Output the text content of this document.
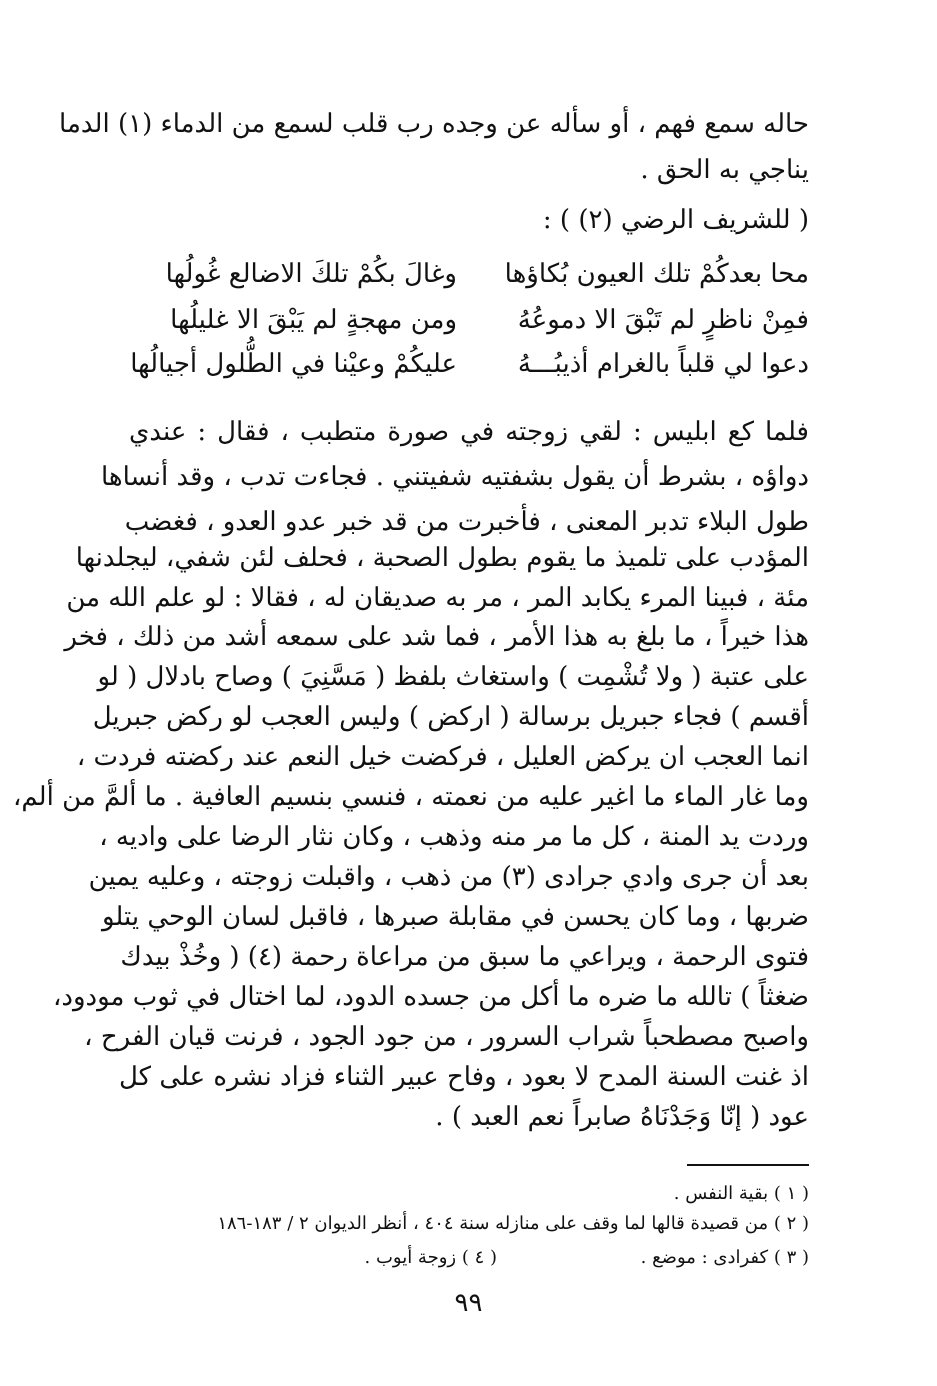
حاله سمع فهم ، أو سأله عن وجده رب قلب لسمع من الدماء (١) الدما
يناجي به الحق .
( للشريف الرضي (٢) ) :
محا بعدكُمْ تلك العيون بُكاؤها
وغالَ بكُمْ تلكَ الاضالع غُولُها
فمِنْ ناظرٍ لم تَبْقَ الا دموعُهُ
ومن مهجةٍ لم يَبْقَ الا غليلُها
دعوا لي قلباً بالغرام أذيبُـــهُ
عليكُمْ وعيْنا في الطُّلول أجيالُها
فلما كع ابليس : لقي زوجته في صورة متطبب ، فقال : عندي
دواؤه ، بشرط أن يقول بشفتيه شفيتني . فجاءت تدب ، وقد أنساها
طول البلاء تدبر المعنى ، فأخبرت من قد خبر عدو العدو ، فغضب
المؤدب على تلميذ ما يقوم بطول الصحبة ، فحلف لئن شفي، ليجلدنها
مئة ، فبينا المرء يكابد المر ، مر به صديقان له ، فقالا : لو علم الله من
هذا خيراً ، ما بلغ به هذا الأمر ، فما شد على سمعه أشد من ذلك ، فخر
على عتبة ( ولا تُشْمِت ) واستغاث بلفظ ( مَسَّنِيَ ) وصاح بادلال ( لو
أقسم ) فجاء جبريل برسالة ( اركض ) وليس العجب لو ركض جبريل
انما العجب ان يركض العليل ، فركضت خيل النعم عند ركضته فردت ،
وما غار الماء ما اغير عليه من نعمته ، فنسي بنسيم العافية . ما ألمَّ من ألم،
وردت يد المنة ، كل ما مر منه وذهب ، وكان نثار الرضا على واديه ،
بعد أن جرى وادي جرادى (٣) من ذهب ، واقبلت زوجته ، وعليه يمين
ضربها ، وما كان يحسن في مقابلة صبرها ، فاقبل لسان الوحي يتلو
فتوى الرحمة ، ويراعي ما سبق من مراعاة رحمة (٤) ( وخُذْ بيدك
ضغثاً ) تالله ما ضره ما أكل من جسده الدود، لما اختال في ثوب مودود،
واصبح مصطحباً شراب السرور ، من جود الجود ، فرنت قيان الفرح ،
اذ غنت السنة المدح لا بعود ، وفاح عبير الثناء فزاد نشره على كل
عود ( إنّا وَجَدْنَاهُ صابراً نعم العبد ) .
( ١ ) بقية النفس .
( ٢ ) من قصيدة قالها لما وقف على منازله سنة ٤٠٤ ، أنظر الديوان ٢ / ١٨٣-١٨٦
( ٣ ) كفرادى : موضع .
( ٤ ) زوجة أيوب .
٩٩
